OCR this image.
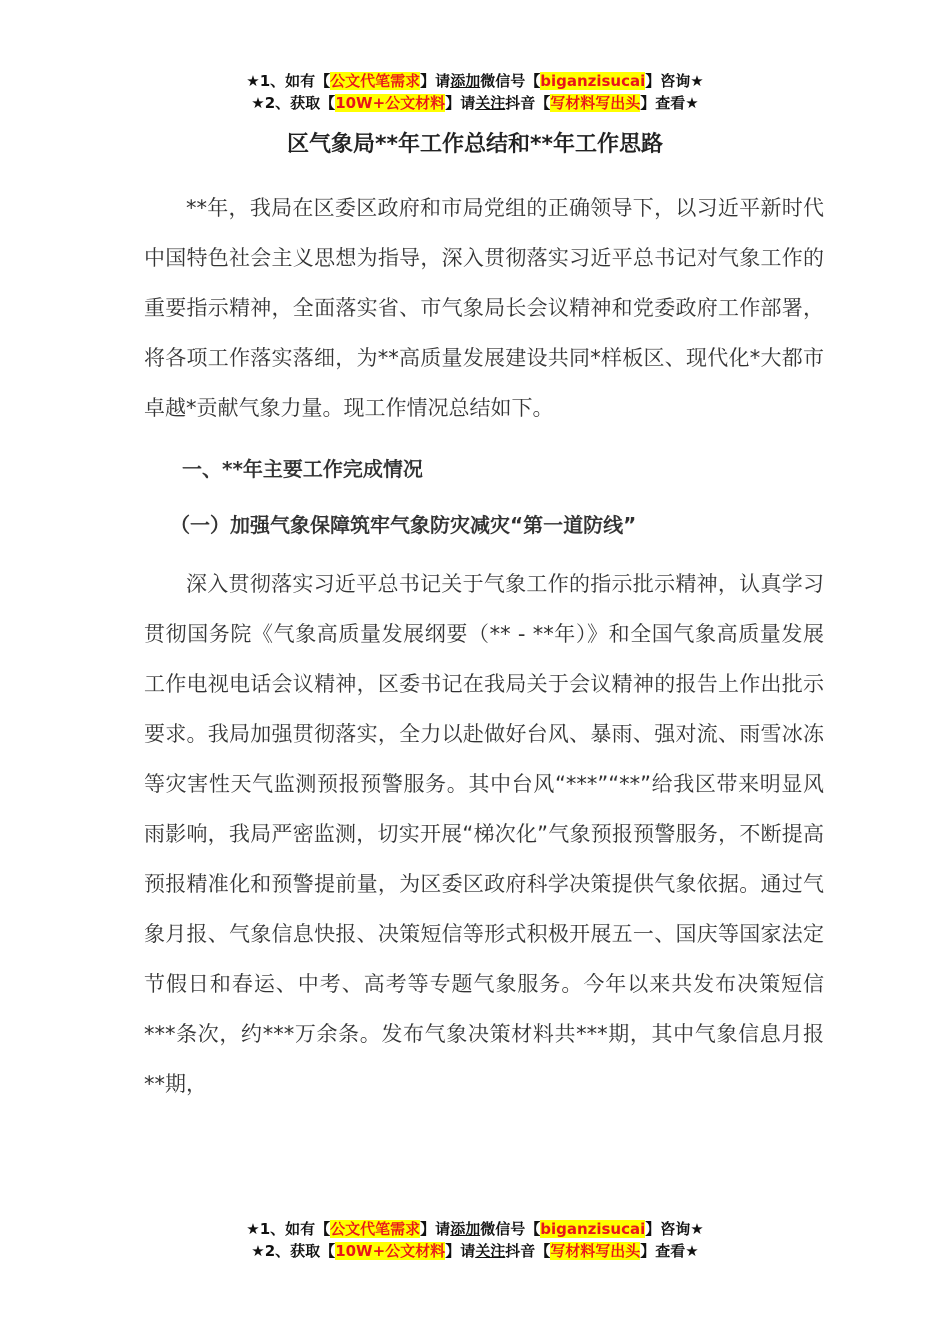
★1、如有【公文代笔需求】请添加微信号【biganzisucai】咨询★
★2、获取【10W+公文材料】请关注抖音【写材料写出头】查看★
区气象局**年工作总结和**年工作思路

**年，我局在区委区政府和市局党组的正确领导下，以习近平新时代中国特色社会主义思想为指导，深入贯彻落实习近平总书记对气象工作的重要指示精神，全面落实省、市气象局长会议精神和党委政府工作部署，将各项工作落实落细，为**高质量发展建设共同*样板区、现代化*大都市卓越*贡献气象力量。现工作情况总结如下。

一、**年主要工作完成情况
（一）加强气象保障筑牢气象防灾减灾“第一道防线”

深入贯彻落实习近平总书记关于气象工作的指示批示精神，认真学习贯彻国务院《气象高质量发展纲要（** - **年）》和全国气象高质量发展工作电视电话会议精神，区委书记在我局关于会议精神的报告上作出批示要求。我局加强贯彻落实，全力以赴做好台风、暴雨、强对流、雨雪冰冻等灾害性天气监测预报预警服务。其中台风“***”“**”给我区带来明显风雨影响，我局严密监测，切实开展“梯次化”气象预报预警服务，不断提高预报精准化和预警提前量，为区委区政府科学决策提供气象依据。通过气象月报、气象信息快报、决策短信等形式积极开展五一、国庆等国家法定节假日和春运、中考、高考等专题气象服务。今年以来共发布决策短信***条次，约***万余条。发布气象决策材料共***期，其中气象信息月报**期，

★1、如有【公文代笔需求】请添加微信号【biganzisucai】咨询★
★2、获取【10W+公文材料】请关注抖音【写材料写出头】查看★
